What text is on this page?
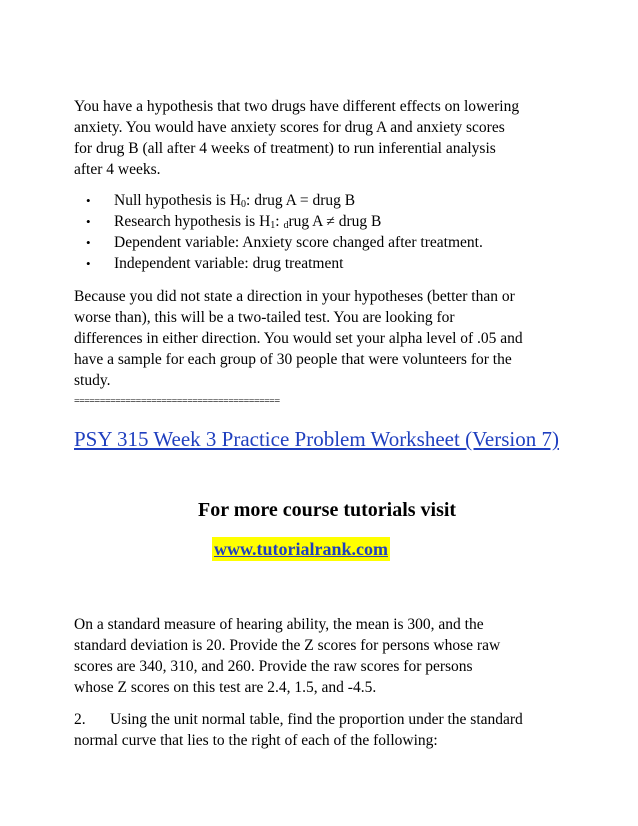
You have a hypothesis that two drugs have different effects on lowering
anxiety. You would have anxiety scores for drug A and anxiety scores
for drug B (all after 4 weeks of treatment) to run inferential analysis
after 4 weeks.
• Null hypothesis is $H_0$: drug A = drug B
• Research hypothesis is $H_1$: $_d$rug A ≠ drug B
• Dependent variable: Anxiety score changed after treatment.
• Independent variable: drug treatment
Because you did not state a direction in your hypotheses (better than or
worse than), this will be a two-tailed test. You are looking for
differences in either direction. You would set your alpha level of .05 and
have a sample for each group of 30 people that were volunteers for the
study.
========================================
PSY 315 Week 3 Practice Problem Worksheet (Version 7)
For more course tutorials visit
www.tutorialrank.com
On a standard measure of hearing ability, the mean is 300, and the
standard deviation is 20. Provide the Z scores for persons whose raw
scores are 340, 310, and 260. Provide the raw scores for persons
whose Z scores on this test are 2.4, 1.5, and -4.5.
2. Using the unit normal table, find the proportion under the standard
normal curve that lies to the right of each of the following:
